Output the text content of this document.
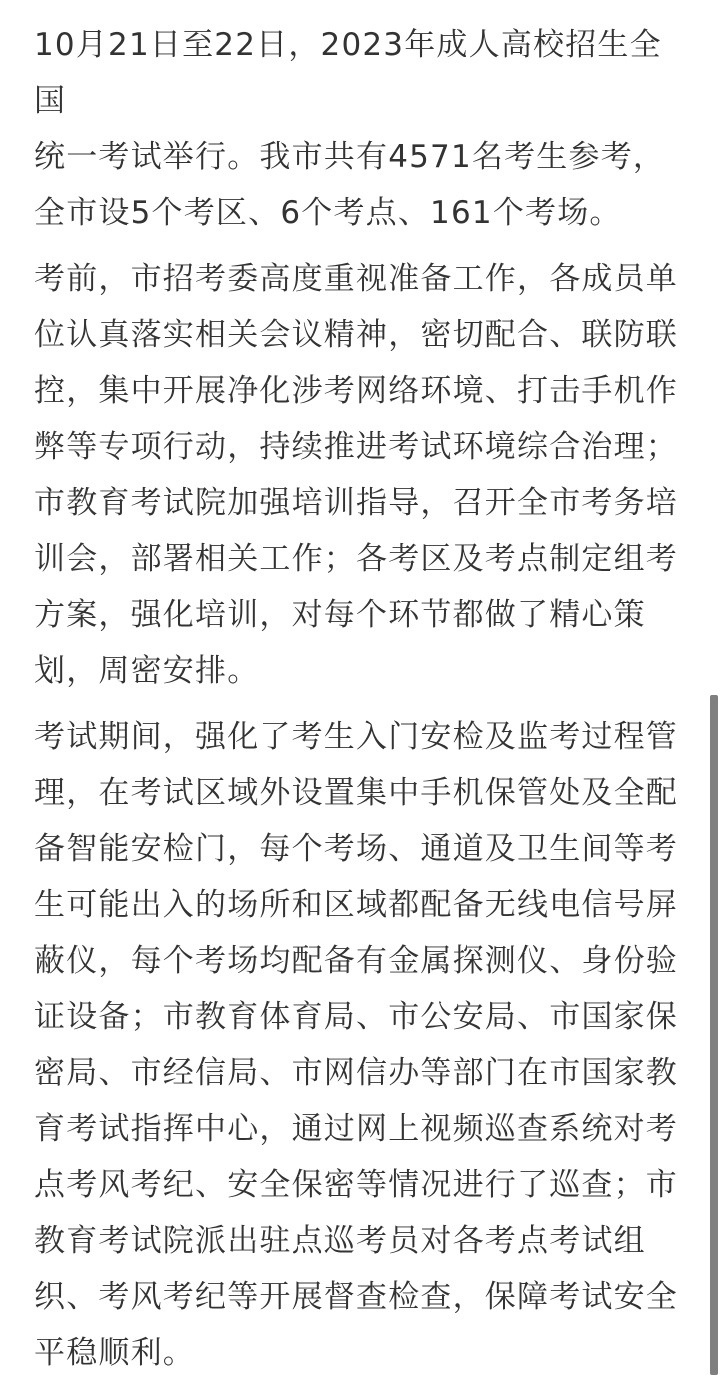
10月21日至22日，2023年成人高校招生全国
统一考试举行。我市共有4571名考生参考，
全市设5个考区、6个考点、161个考场。

考前，市招考委高度重视准备工作，各成员单
位认真落实相关会议精神，密切配合、联防联
控，集中开展净化涉考网络环境、打击手机作
弊等专项行动，持续推进考试环境综合治理；
市教育考试院加强培训指导，召开全市考务培
训会，部署相关工作；各考区及考点制定组考
方案，强化培训，对每个环节都做了精心策
划，周密安排。

考试期间，强化了考生入门安检及监考过程管
理，在考试区域外设置集中手机保管处及全配
备智能安检门，每个考场、通道及卫生间等考
生可能出入的场所和区域都配备无线电信号屏
蔽仪，每个考场均配备有金属探测仪、身份验
证设备；市教育体育局、市公安局、市国家保
密局、市经信局、市网信办等部门在市国家教
育考试指挥中心，通过网上视频巡查系统对考
点考风考纪、安全保密等情况进行了巡查；市
教育考试院派出驻点巡考员对各考点考试组
织、考风考纪等开展督查检查，保障考试安全
平稳顺利。
